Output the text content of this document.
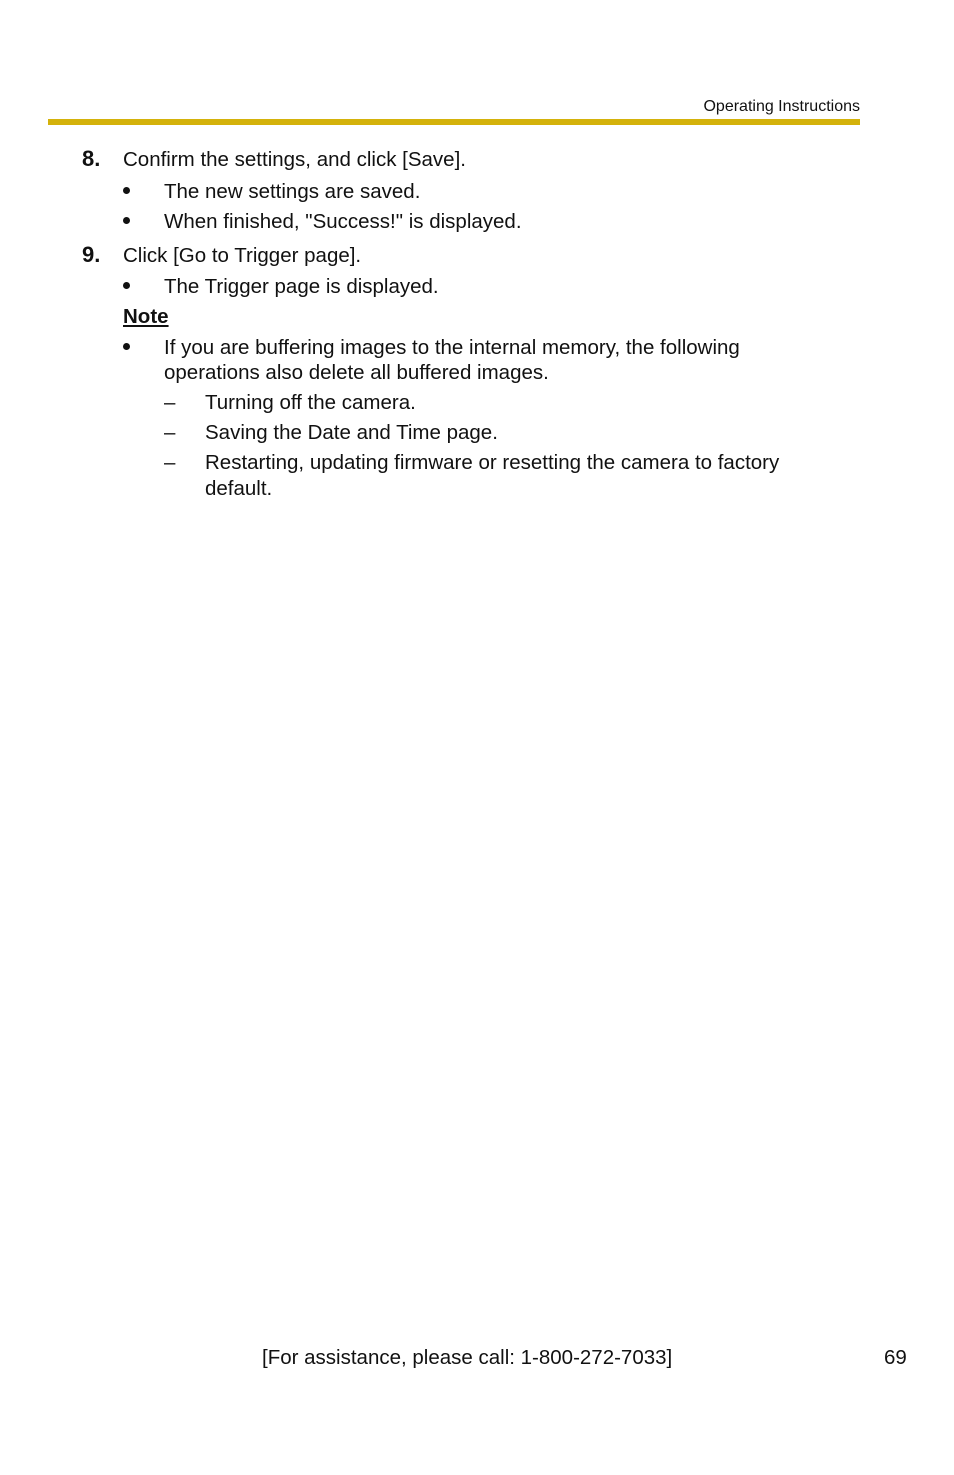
Operating Instructions
8. Confirm the settings, and click [Save].
The new settings are saved.
When finished, "Success!" is displayed.
9. Click [Go to Trigger page].
The Trigger page is displayed.
Note
If you are buffering images to the internal memory, the following
operations also delete all buffered images.
– Turning off the camera.
– Saving the Date and Time page.
– Restarting, updating firmware or resetting the camera to factory
default.
[For assistance, please call: 1-800-272-7033]	69
